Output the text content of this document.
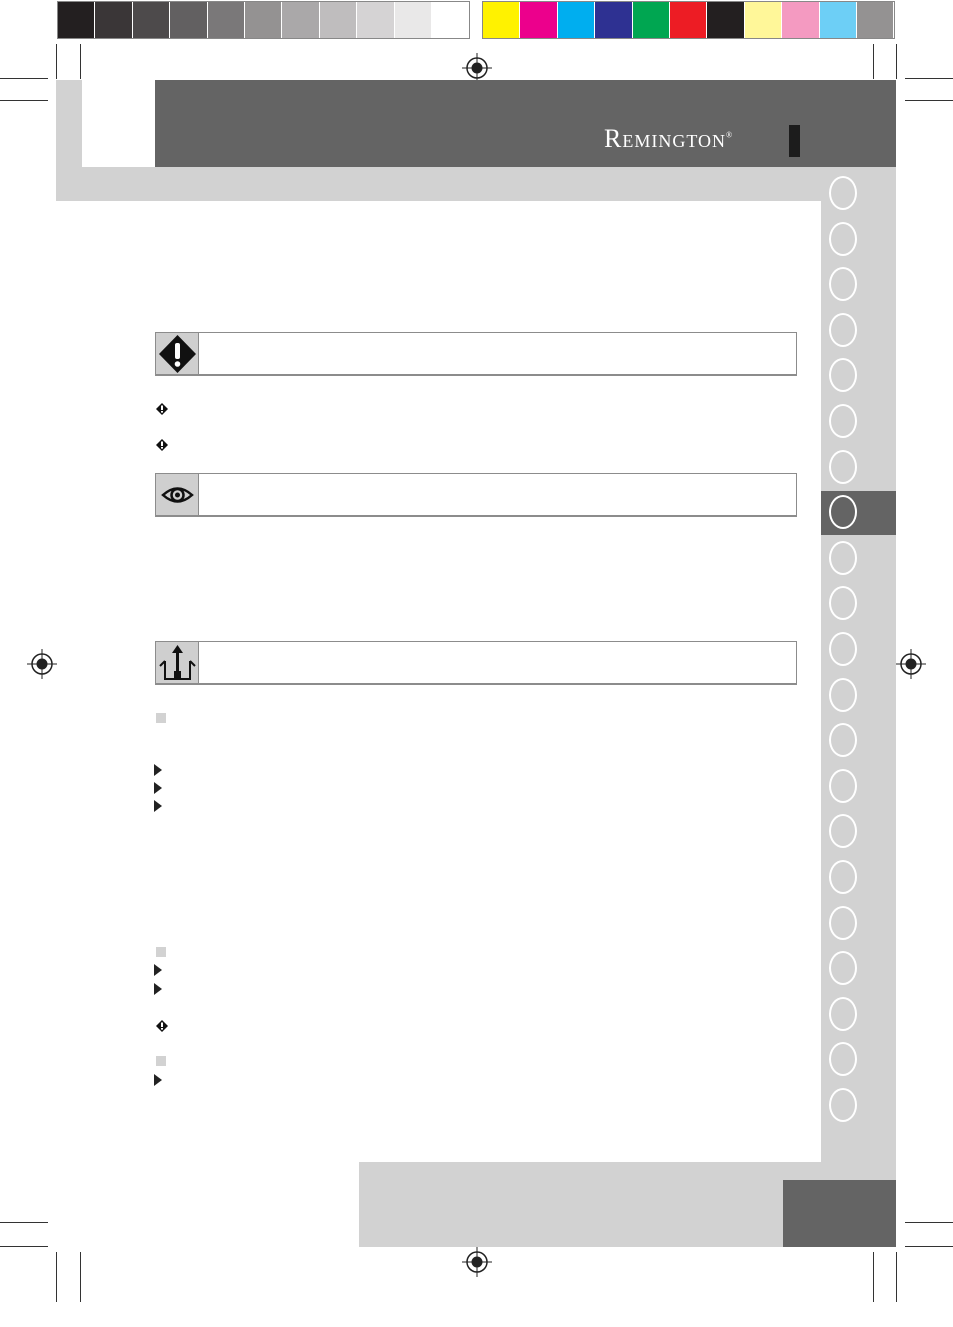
Remington®
